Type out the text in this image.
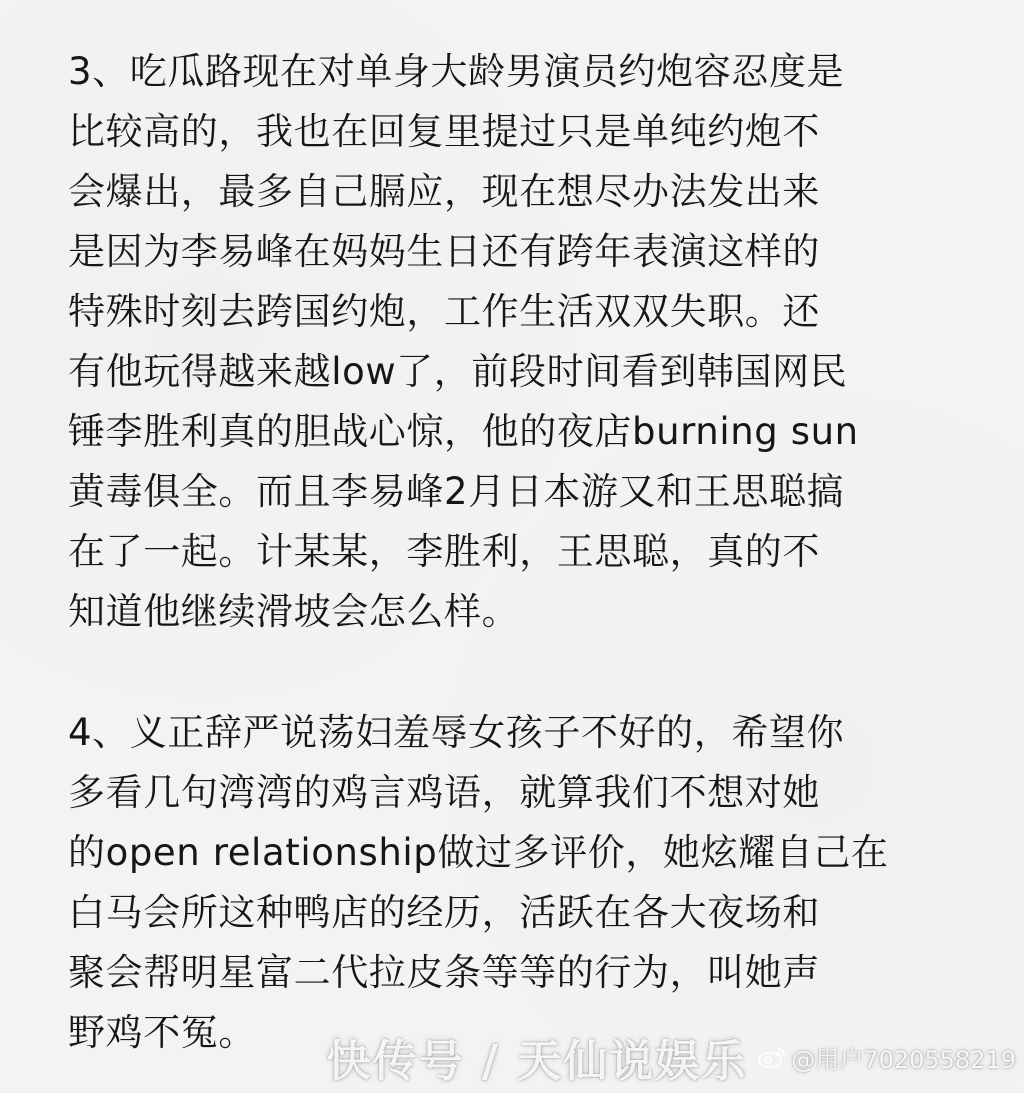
3、吃瓜路现在对单身大龄男演员约炮容忍度是
比较高的，我也在回复里提过只是单纯约炮不
会爆出，最多自己膈应，现在想尽办法发出来
是因为李易峰在妈妈生日还有跨年表演这样的
特殊时刻去跨国约炮，工作生活双双失职。还
有他玩得越来越low了，前段时间看到韩国网民
锤李胜利真的胆战心惊，他的夜店burning sun
黄毒俱全。而且李易峰2月日本游又和王思聪搞
在了一起。计某某，李胜利，王思聪，真的不
知道他继续滑坡会怎么样。
4、义正辞严说荡妇羞辱女孩子不好的，希望你
多看几句湾湾的鸡言鸡语，就算我们不想对她
的open relationship做过多评价，她炫耀自己在
白马会所这种鸭店的经历，活跃在各大夜场和
聚会帮明星富二代拉皮条等等的行为，叫她声
野鸡不冤。
快传号 / 天仙说娱乐 @用户7020558219
